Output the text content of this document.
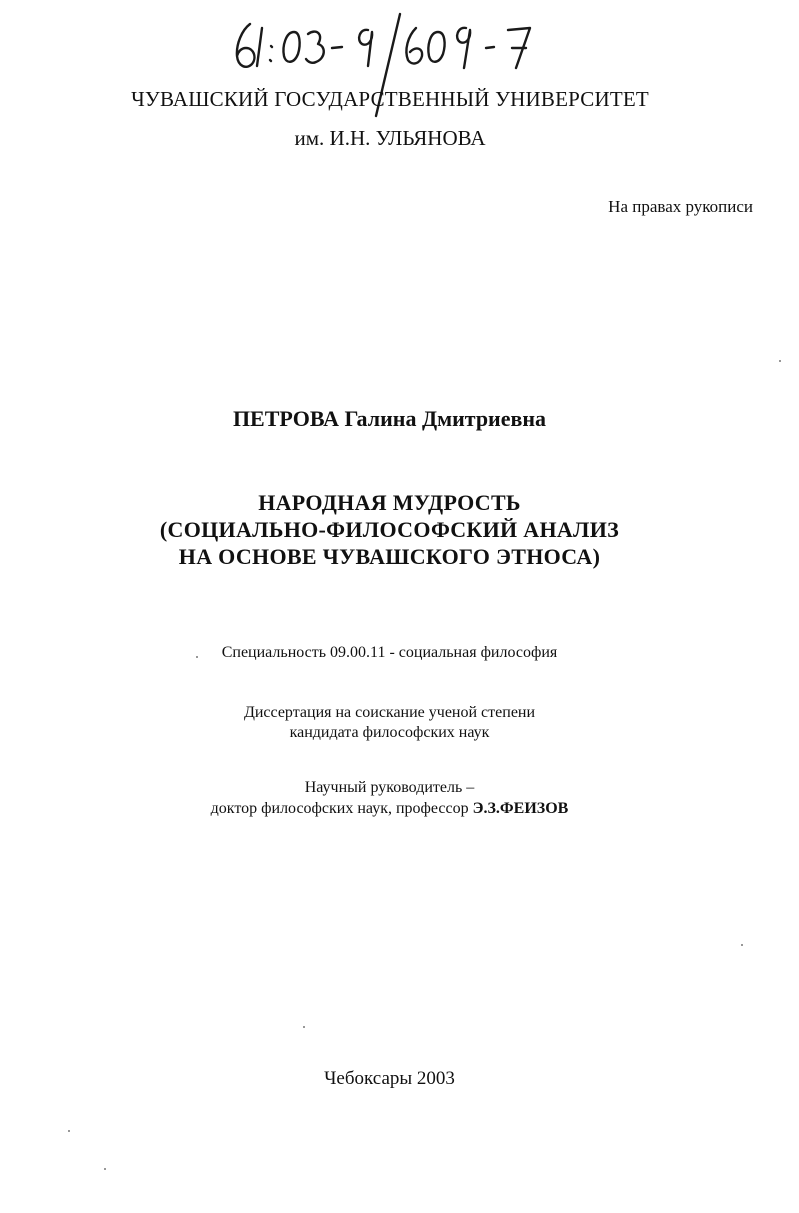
ЧУВАШСКИЙ ГОСУДАРСТВЕННЫЙ УНИВЕРСИТЕТ
им. И.Н. УЛЬЯНОВА
На правах рукописи
ПЕТРОВА Галина Дмитриевна
НАРОДНАЯ МУДРОСТЬ
(СОЦИАЛЬНО-ФИЛОСОФСКИЙ АНАЛИЗ
НА ОСНОВЕ ЧУВАШСКОГО ЭТНОСА)
Специальность 09.00.11 - социальная философия
Диссертация на соискание ученой степени
кандидата философских наук
Научный руководитель –
доктор философских наук, профессор Э.З.ФЕИЗОВ
Чебоксары 2003
